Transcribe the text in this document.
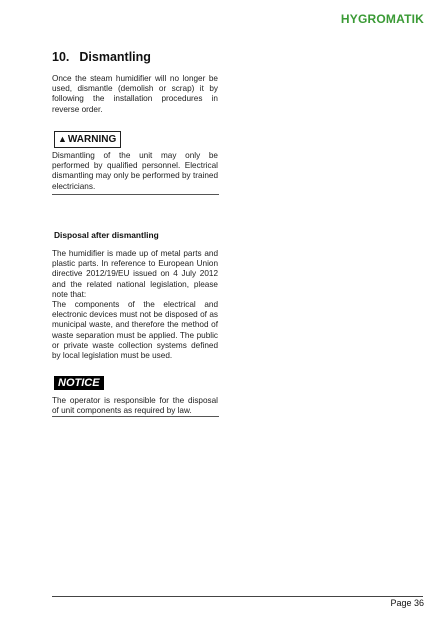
HYGROMATIK
10. Dismantling
Once the steam humidifier will no longer be used, dismantle (demolish or scrap) it by following the installation procedures in reverse order.
▲WARNING
Dismantling of the unit may only be performed by qualified personnel. Electrical dismantling may only be performed by trained electricians.
Disposal after dismantling
The humidifier is made up of metal parts and plastic parts. In reference to European Union directive 2012/19/EU issued on 4 July 2012 and the related national legislation, please note that:
The components of the electrical and electronic devices must not be disposed of as municipal waste, and therefore the method of waste separation must be applied. The public or private waste collection systems defined by local legislation must be used.
NOTICE
The operator is responsible for the disposal of unit components as required by law.
Page 36
